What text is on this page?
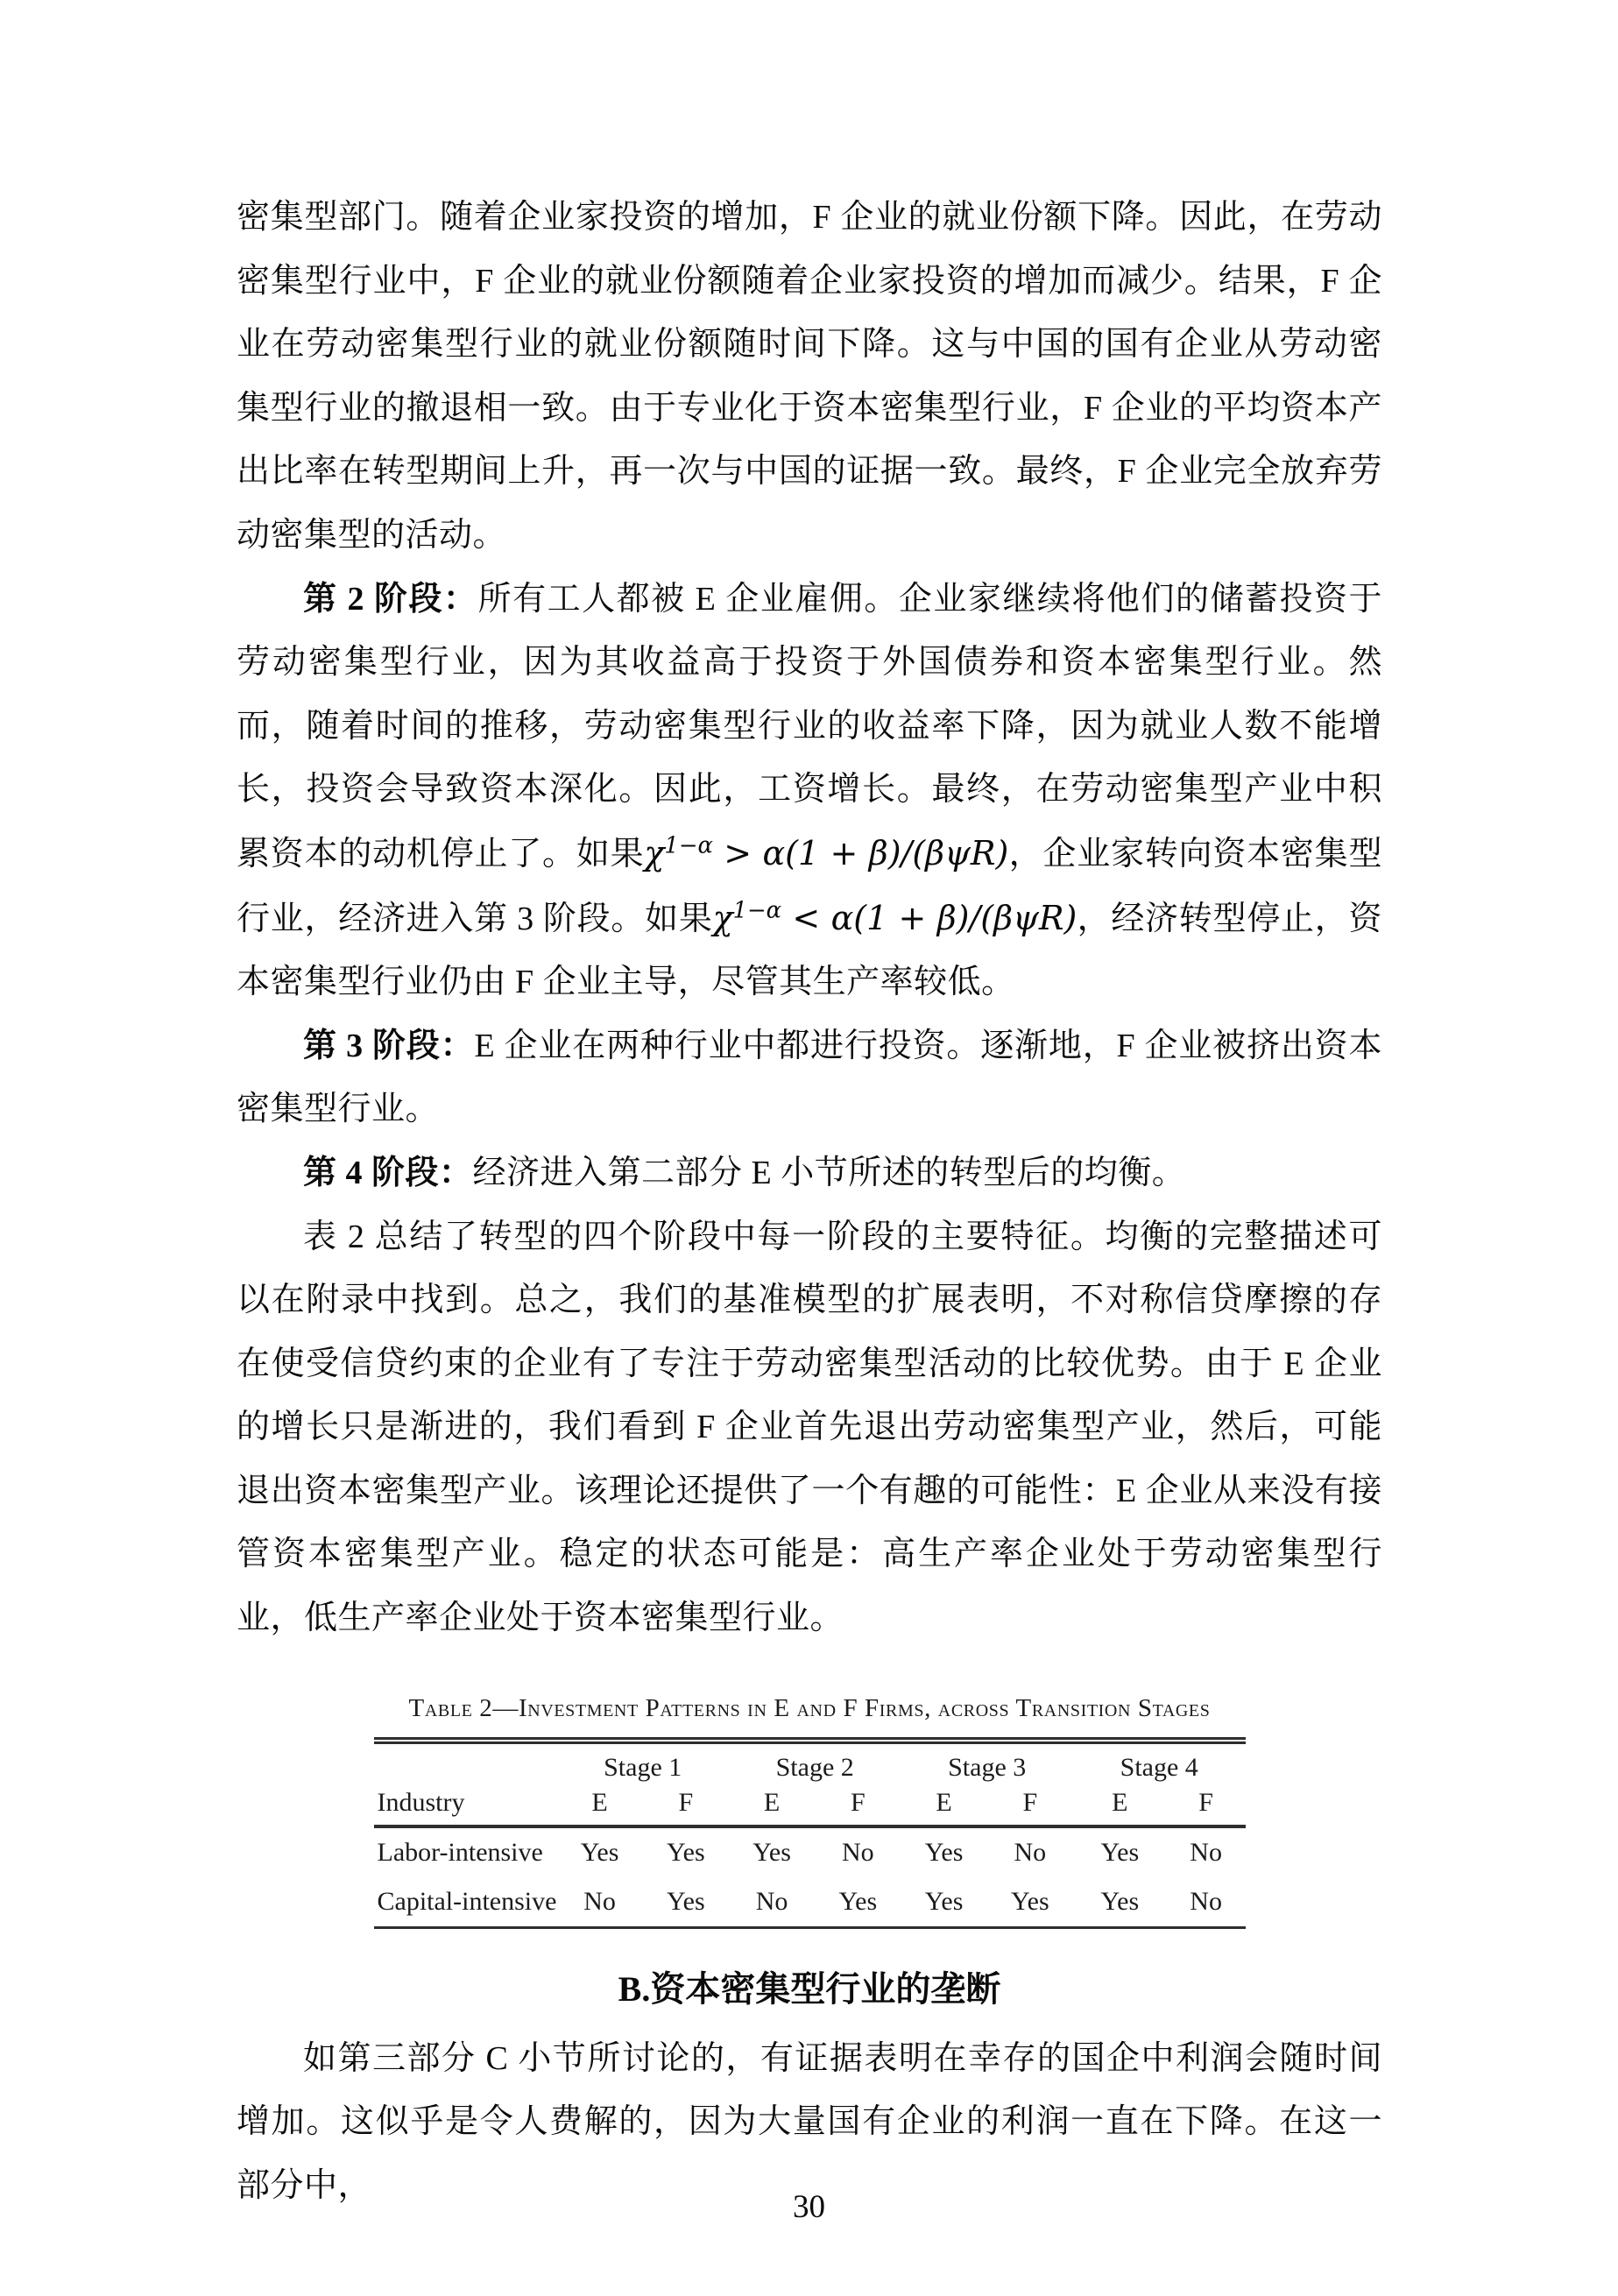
密集型部门。随着企业家投资的增加，F 企业的就业份额下降。因此，在劳动密集型行业中，F 企业的就业份额随着企业家投资的增加而减少。结果，F 企业在劳动密集型行业的就业份额随时间下降。这与中国的国有企业从劳动密集型行业的撤退相一致。由于专业化于资本密集型行业，F 企业的平均资本产出比率在转型期间上升，再一次与中国的证据一致。最终，F 企业完全放弃劳动密集型的活动。

第 2 阶段：所有工人都被 E 企业雇佣。企业家继续将他们的储蓄投资于劳动密集型行业，因为其收益高于投资于外国债券和资本密集型行业。然而，随着时间的推移，劳动密集型行业的收益率下降，因为就业人数不能增长，投资会导致资本深化。因此，工资增长。最终，在劳动密集型产业中积累资本的动机停止了。如果$\chi^{1-\alpha} > \alpha(1 + \beta)/(\beta\psi R)$，企业家转向资本密集型行业，经济进入第 3 阶段。如果$\chi^{1-\alpha} < \alpha(1 + \beta)/(\beta\psi R)$，经济转型停止，资本密集型行业仍由 F 企业主导，尽管其生产率较低。

第 3 阶段：E 企业在两种行业中都进行投资。逐渐地，F 企业被挤出资本密集型行业。

第 4 阶段：经济进入第二部分 E 小节所述的转型后的均衡。

表 2 总结了转型的四个阶段中每一阶段的主要特征。均衡的完整描述可以在附录中找到。总之，我们的基准模型的扩展表明，不对称信贷摩擦的存在使受信贷约束的企业有了专注于劳动密集型活动的比较优势。由于 E 企业的增长只是渐进的，我们看到 F 企业首先退出劳动密集型产业，然后，可能退出资本密集型产业。该理论还提供了一个有趣的可能性：E 企业从来没有接管资本密集型产业。稳定的状态可能是：高生产率企业处于劳动密集型行业，低生产率企业处于资本密集型行业。

Table 2—Investment Patterns in E and F Firms, across Transition Stages
	Stage 1		Stage 2		Stage 3		Stage 4	
Industry	E	F	E	F	E	F	E	F
Labor-intensive	Yes	Yes	Yes	No	Yes	No	Yes	No
Capital-intensive	No	Yes	No	Yes	Yes	Yes	Yes	No
B.资本密集型行业的垄断

如第三部分 C 小节所讨论的，有证据表明在幸存的国企中利润会随时间增加。这似乎是令人费解的，因为大量国有企业的利润一直在下降。在这一部分中，

30
